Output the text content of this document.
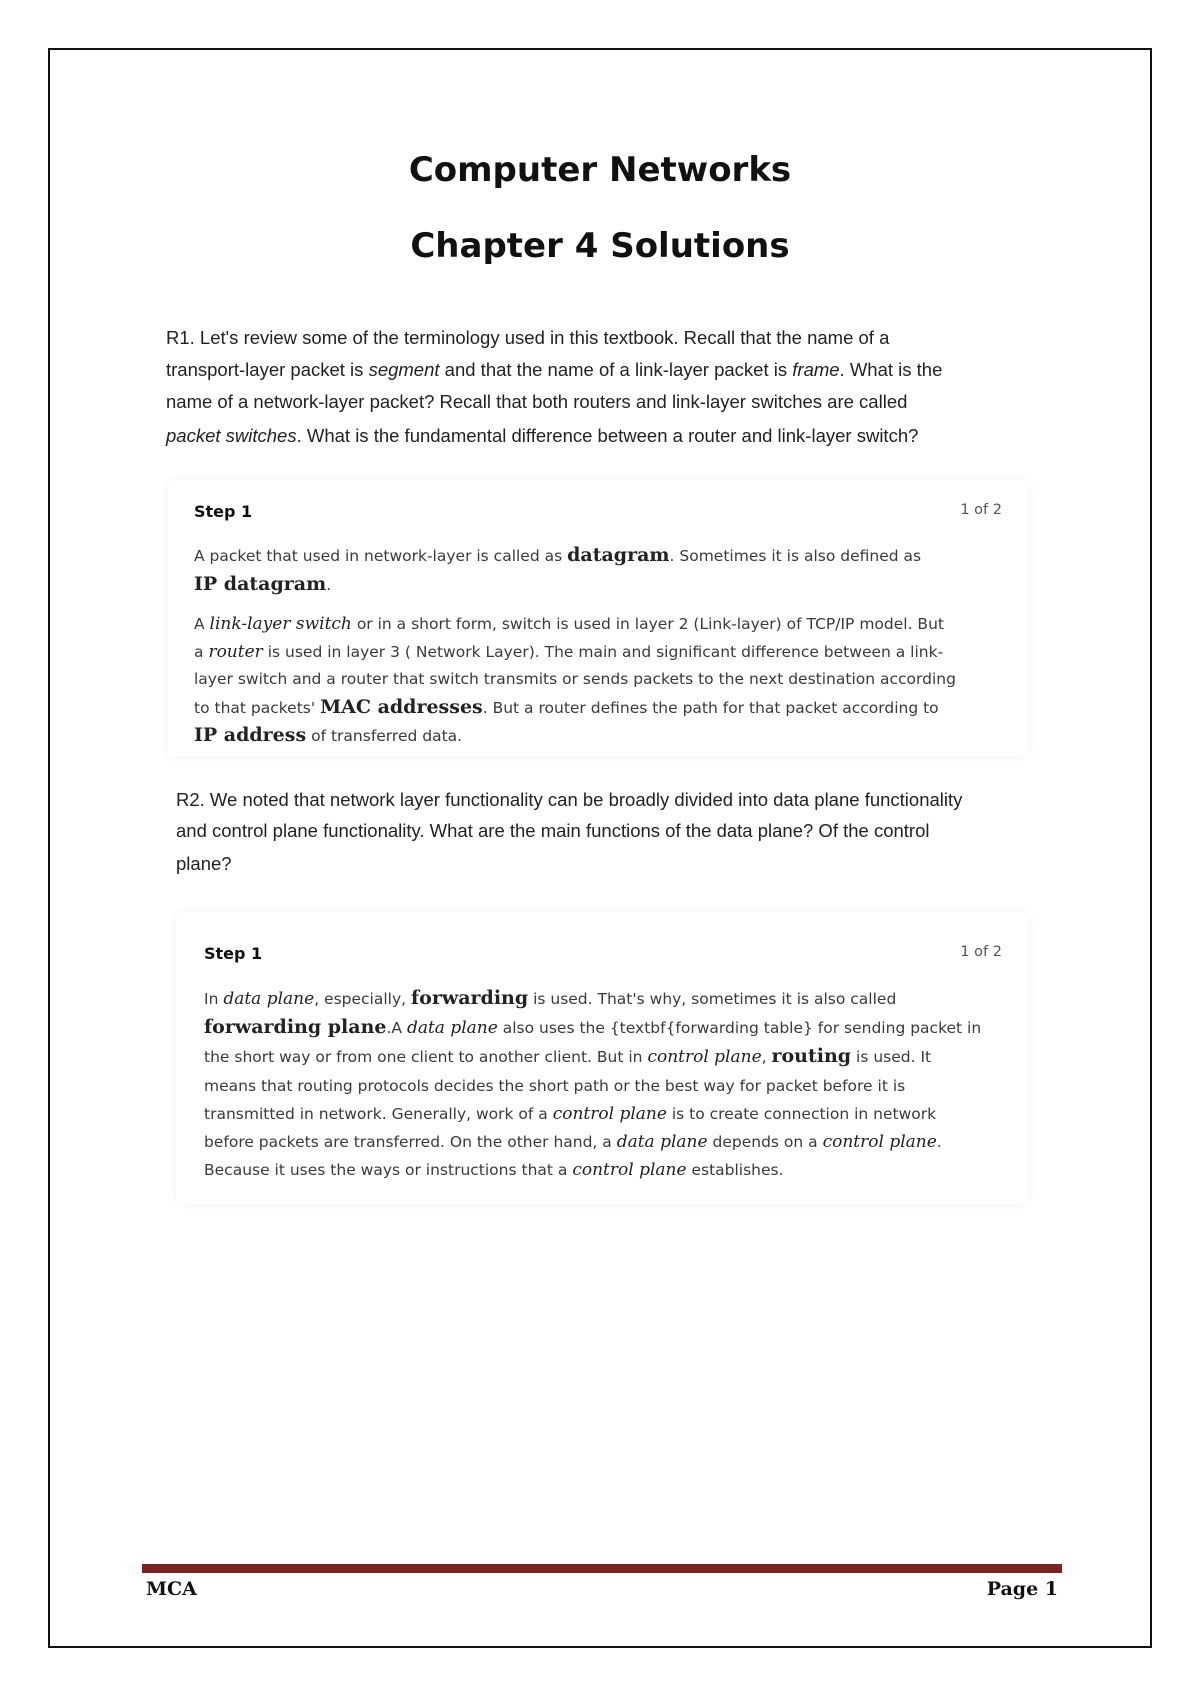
Computer Networks
Chapter 4 Solutions
R1. Let's review some of the terminology used in this textbook. Recall that the name of a
transport-layer packet is segment and that the name of a link-layer packet is frame. What is the
name of a network-layer packet? Recall that both routers and link-layer switches are called
packet switches. What is the fundamental difference between a router and link-layer switch?
Step 1	1 of 2
A packet that used in network-layer is called as datagram. Sometimes it is also defined as
IP datagram.
A link-layer switch or in a short form, switch is used in layer 2 (Link-layer) of TCP/IP model. But
a router is used in layer 3 ( Network Layer). The main and significant difference between a link-
layer switch and a router that switch transmits or sends packets to the next destination according
to that packets' MAC addresses. But a router defines the path for that packet according to
IP address of transferred data.
R2. We noted that network layer functionality can be broadly divided into data plane functionality
and control plane functionality. What are the main functions of the data plane? Of the control
plane?
Step 1	1 of 2
In data plane, especially, forwarding is used. That's why, sometimes it is also called
forwarding plane.A data plane also uses the {textbf{forwarding table} for sending packet in
the short way or from one client to another client. But in control plane, routing is used. It
means that routing protocols decides the short path or the best way for packet before it is
transmitted in network. Generally, work of a control plane is to create connection in network
before packets are transferred. On the other hand, a data plane depends on a control plane.
Because it uses the ways or instructions that a control plane establishes.
MCA	Page 1
